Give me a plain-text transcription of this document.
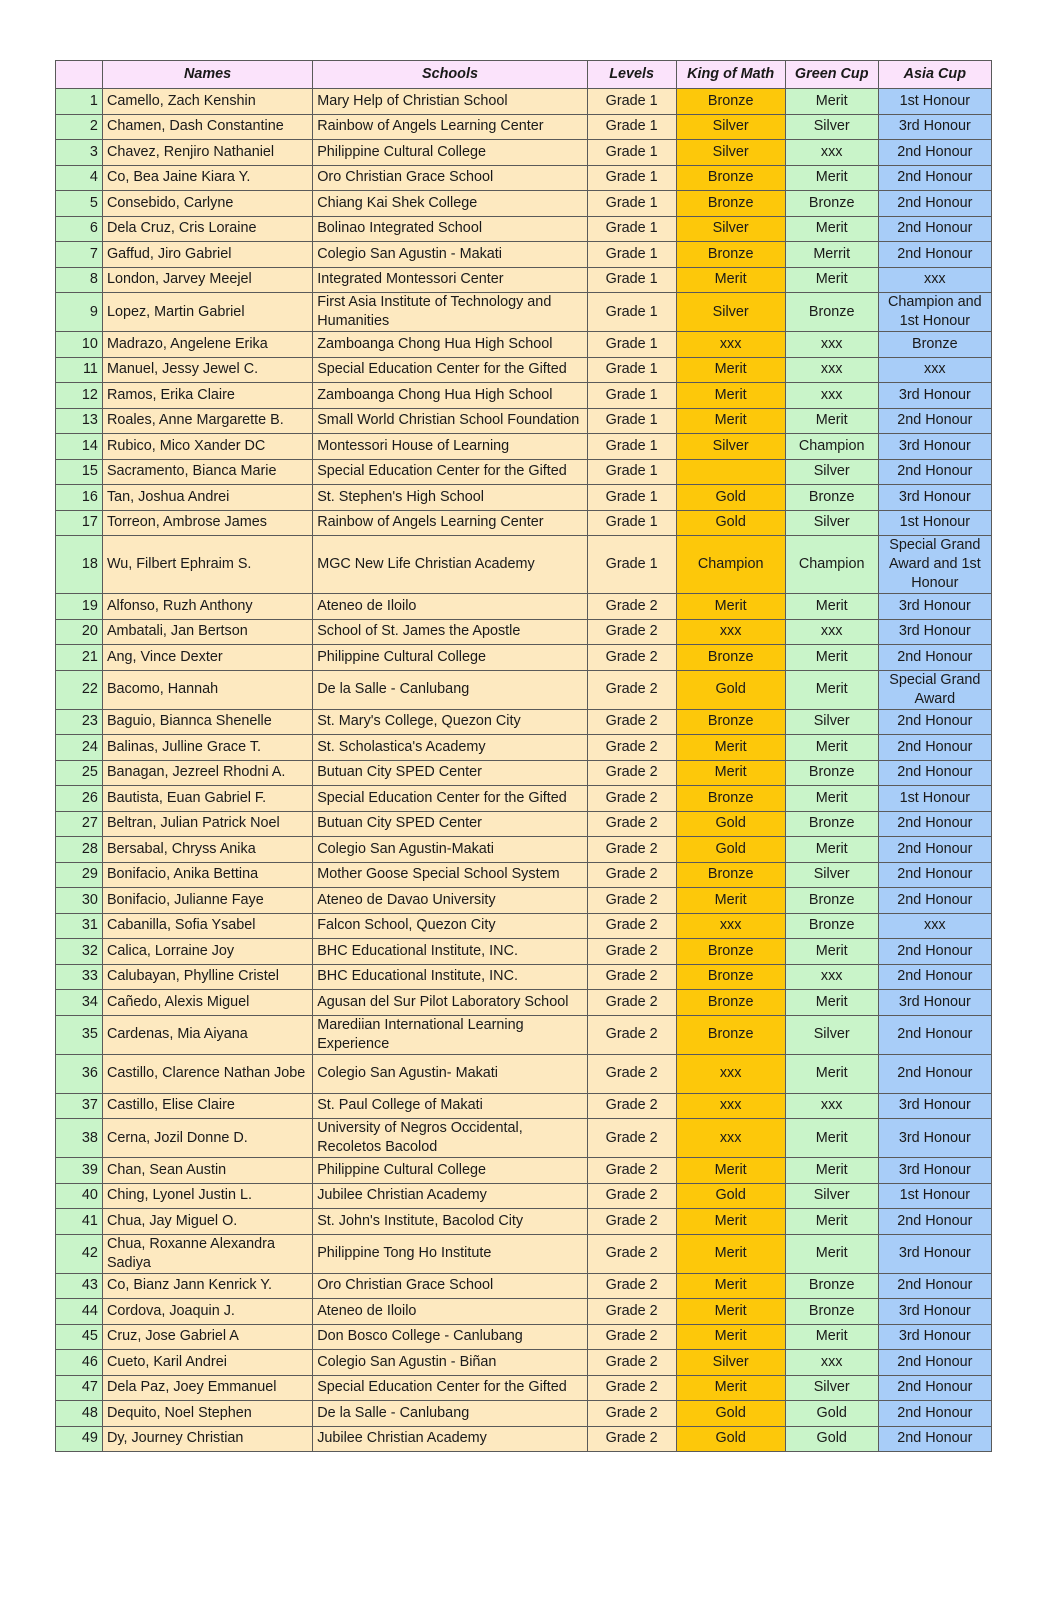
	Names	Schools	Levels	King of Math	Green Cup	Asia Cup
1	Camello, Zach Kenshin	Mary Help of Christian School	Grade 1	Bronze	Merit	1st Honour
2	Chamen, Dash Constantine	Rainbow of Angels Learning Center	Grade 1	Silver	Silver	3rd Honour
3	Chavez, Renjiro Nathaniel	Philippine Cultural College	Grade 1	Silver	xxx	2nd Honour
4	Co, Bea Jaine Kiara Y.	Oro Christian Grace School	Grade 1	Bronze	Merit	2nd Honour
5	Consebido, Carlyne	Chiang Kai Shek College	Grade 1	Bronze	Bronze	2nd Honour
6	Dela Cruz, Cris Loraine	Bolinao Integrated School	Grade 1	Silver	Merit	2nd Honour
7	Gaffud, Jiro Gabriel	Colegio San Agustin - Makati	Grade 1	Bronze	Merrit	2nd Honour
8	London, Jarvey Meejel	Integrated Montessori Center	Grade 1	Merit	Merit	xxx
9	Lopez, Martin Gabriel	First Asia Institute of Technology and Humanities	Grade 1	Silver	Bronze	Champion and 1st Honour
10	Madrazo, Angelene Erika	Zamboanga Chong Hua High School	Grade 1	xxx	xxx	Bronze
11	Manuel, Jessy Jewel C.	Special Education Center for the Gifted	Grade 1	Merit	xxx	xxx
12	Ramos, Erika Claire	Zamboanga Chong Hua High School	Grade 1	Merit	xxx	3rd Honour
13	Roales, Anne Margarette B.	Small World Christian School Foundation	Grade 1	Merit	Merit	2nd Honour
14	Rubico, Mico Xander DC	Montessori House of Learning	Grade 1	Silver	Champion	3rd Honour
15	Sacramento, Bianca Marie	Special Education Center for the Gifted	Grade 1		Silver	2nd Honour
16	Tan, Joshua Andrei	St. Stephen's High School	Grade 1	Gold	Bronze	3rd Honour
17	Torreon, Ambrose James	Rainbow of Angels Learning Center	Grade 1	Gold	Silver	1st Honour
18	Wu, Filbert Ephraim S.	MGC New Life Christian Academy	Grade 1	Champion	Champion	Special Grand Award and 1st Honour
19	Alfonso, Ruzh Anthony	Ateneo de Iloilo	Grade 2	Merit	Merit	3rd Honour
20	Ambatali, Jan Bertson	School of St. James the Apostle	Grade 2	xxx	xxx	3rd Honour
21	Ang, Vince Dexter	Philippine Cultural College	Grade 2	Bronze	Merit	2nd Honour
22	Bacomo, Hannah	De la Salle - Canlubang	Grade 2	Gold	Merit	Special Grand Award
23	Baguio, Biannca Shenelle	St. Mary's College, Quezon City	Grade 2	Bronze	Silver	2nd Honour
24	Balinas, Julline Grace T.	St. Scholastica's Academy	Grade 2	Merit	Merit	2nd Honour
25	Banagan, Jezreel Rhodni A.	Butuan City SPED Center	Grade 2	Merit	Bronze	2nd Honour
26	Bautista, Euan Gabriel F.	Special Education Center for the Gifted	Grade 2	Bronze	Merit	1st Honour
27	Beltran, Julian Patrick Noel	Butuan City SPED Center	Grade 2	Gold	Bronze	2nd Honour
28	Bersabal, Chryss Anika	Colegio San Agustin-Makati	Grade 2	Gold	Merit	2nd Honour
29	Bonifacio, Anika Bettina	Mother Goose Special School System	Grade 2	Bronze	Silver	2nd Honour
30	Bonifacio, Julianne Faye	Ateneo de Davao University	Grade 2	Merit	Bronze	2nd Honour
31	Cabanilla, Sofia Ysabel	Falcon School, Quezon City	Grade 2	xxx	Bronze	xxx
32	Calica, Lorraine Joy	BHC Educational Institute, INC.	Grade 2	Bronze	Merit	2nd Honour
33	Calubayan, Phylline Cristel	BHC Educational Institute, INC.	Grade 2	Bronze	xxx	2nd Honour
34	Cañedo, Alexis Miguel	Agusan del Sur Pilot Laboratory School	Grade 2	Bronze	Merit	3rd Honour
35	Cardenas, Mia Aiyana	Marediian International Learning Experience	Grade 2	Bronze	Silver	2nd Honour
36	Castillo, Clarence Nathan Jobe	Colegio San Agustin- Makati	Grade 2	xxx	Merit	2nd Honour
37	Castillo, Elise Claire	St. Paul College of Makati	Grade 2	xxx	xxx	3rd Honour
38	Cerna, Jozil Donne D.	University of Negros Occidental, Recoletos Bacolod	Grade 2	xxx	Merit	3rd Honour
39	Chan, Sean Austin	Philippine Cultural College	Grade 2	Merit	Merit	3rd Honour
40	Ching, Lyonel Justin L.	Jubilee Christian Academy	Grade 2	Gold	Silver	1st Honour
41	Chua, Jay Miguel O.	St. John's Institute, Bacolod City	Grade 2	Merit	Merit	2nd Honour
42	Chua, Roxanne Alexandra Sadiya	Philippine Tong Ho Institute	Grade 2	Merit	Merit	3rd Honour
43	Co, Bianz Jann Kenrick Y.	Oro Christian Grace School	Grade 2	Merit	Bronze	2nd Honour
44	Cordova, Joaquin J.	Ateneo de Iloilo	Grade 2	Merit	Bronze	3rd Honour
45	Cruz, Jose Gabriel A	Don Bosco College - Canlubang	Grade 2	Merit	Merit	3rd Honour
46	Cueto, Karil Andrei	Colegio San Agustin - Biñan	Grade 2	Silver	xxx	2nd Honour
47	Dela Paz, Joey Emmanuel	Special Education Center for the Gifted	Grade 2	Merit	Silver	2nd Honour
48	Dequito, Noel Stephen	De la Salle - Canlubang	Grade 2	Gold	Gold	2nd Honour
49	Dy, Journey Christian	Jubilee Christian Academy	Grade 2	Gold	Gold	2nd Honour
